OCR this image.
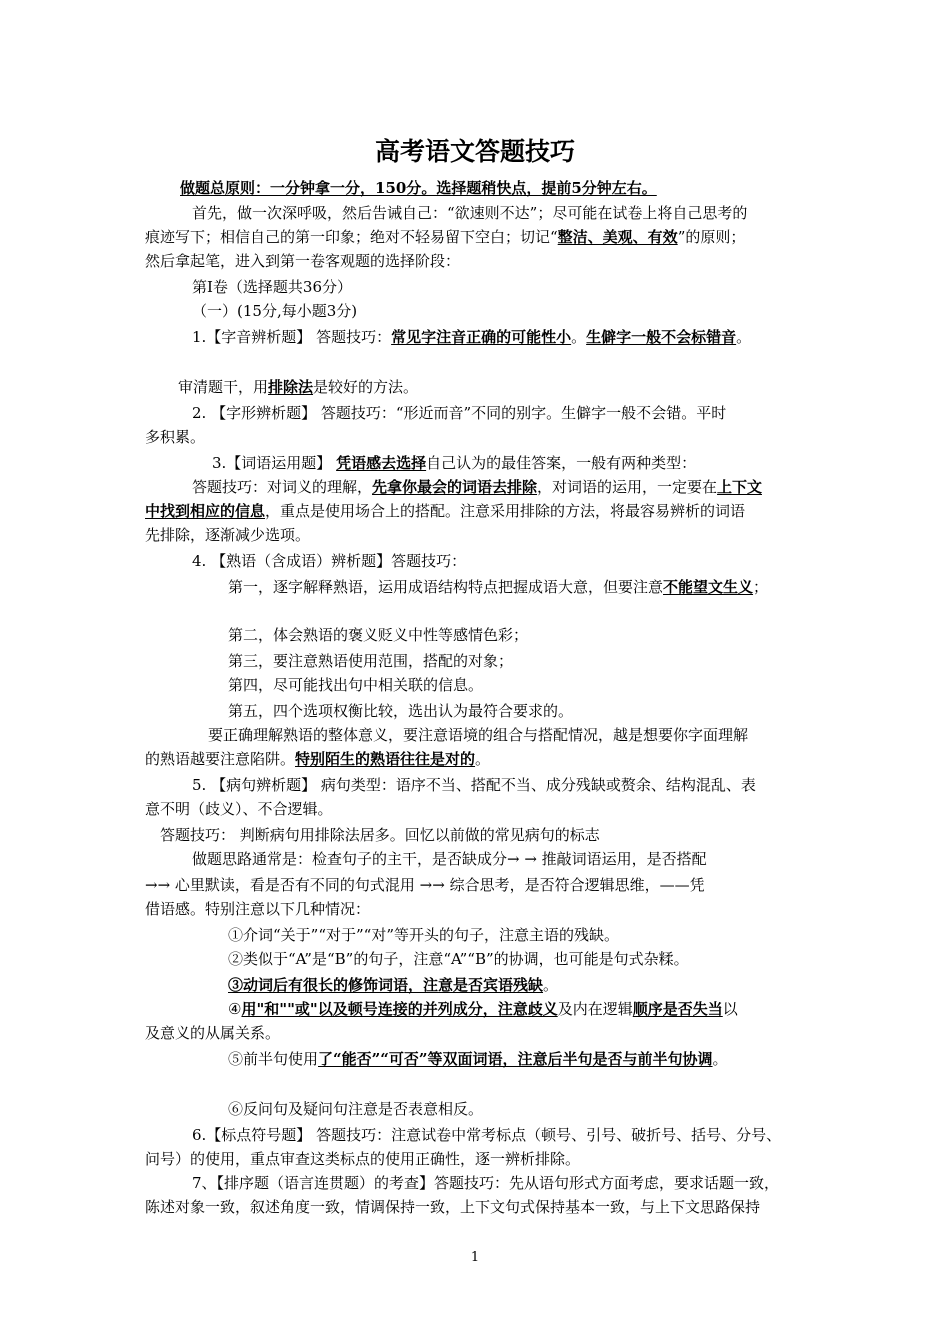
高考语文答题技巧
做题总原则：一分钟拿一分，150分。选择题稍快点，提前5分钟左右。
首先，做一次深呼吸，然后告诫自己：“欲速则不达”；尽可能在试卷上将自己思考的
痕迹写下；相信自己的第一印象；绝对不轻易留下空白；切记“整洁、美观、有效”的原则；
然后拿起笔，进入到第一卷客观题的选择阶段：
第Ⅰ卷（选择题共36分）
（一）(15分,每小题3分)
1.【字音辨析题】 答题技巧：常见字注音正确的可能性小。生僻字一般不会标错音。
审清题干，用排除法是较好的方法。
2. 【字形辨析题】 答题技巧：“形近而音”不同的别字。生僻字一般不会错。平时
多积累。
3.【词语运用题】 凭语感去选择自己认为的最佳答案，一般有两种类型：
答题技巧：对词义的理解，先拿你最会的词语去排除，对词语的运用，一定要在上下文
中找到相应的信息，重点是使用场合上的搭配。注意采用排除的方法，将最容易辨析的词语
先排除，逐渐减少选项。
4. 【熟语（含成语）辨析题】答题技巧：
第一，逐字解释熟语，运用成语结构特点把握成语大意，但要注意不能望文生义；
第二，体会熟语的褒义贬义中性等感情色彩；
第三，要注意熟语使用范围，搭配的对象；
第四，尽可能找出句中相关联的信息。
第五，四个选项权衡比较，选出认为最符合要求的。
要正确理解熟语的整体意义，要注意语境的组合与搭配情况，越是想要你字面理解
的熟语越要注意陷阱。特别陌生的熟语往往是对的。
5. 【病句辨析题】 病句类型：语序不当、搭配不当、成分残缺或赘余、结构混乱、表
意不明（歧义）、不合逻辑。
答题技巧： 判断病句用排除法居多。回忆以前做的常见病句的标志
做题思路通常是：检查句子的主干，是否缺成分→ → 推敲词语运用，是否搭配
→→ 心里默读，看是否有不同的句式混用 →→ 综合思考，是否符合逻辑思维，——凭
借语感。特别注意以下几种情况：
①介词“关于”“对于”“对”等开头的句子，注意主语的残缺。
②类似于“A”是“B”的句子，注意“A”“B”的协调，也可能是句式杂糅。
③动词后有很长的修饰词语，注意是否宾语残缺。
④用"和""或"以及顿号连接的并列成分，注意歧义及内在逻辑顺序是否失当以
及意义的从属关系。
⑤前半句使用了“能否”“可否”等双面词语，注意后半句是否与前半句协调。
⑥反问句及疑问句注意是否表意相反。
6.【标点符号题】 答题技巧：注意试卷中常考标点（顿号、引号、破折号、括号、分号、
问号）的使用，重点审查这类标点的使用正确性，逐一辨析排除。
7、【排序题（语言连贯题）的考查】答题技巧：先从语句形式方面考虑，要求话题一致，
陈述对象一致，叙述角度一致，情调保持一致，上下文句式保持基本一致，与上下文思路保持
1
